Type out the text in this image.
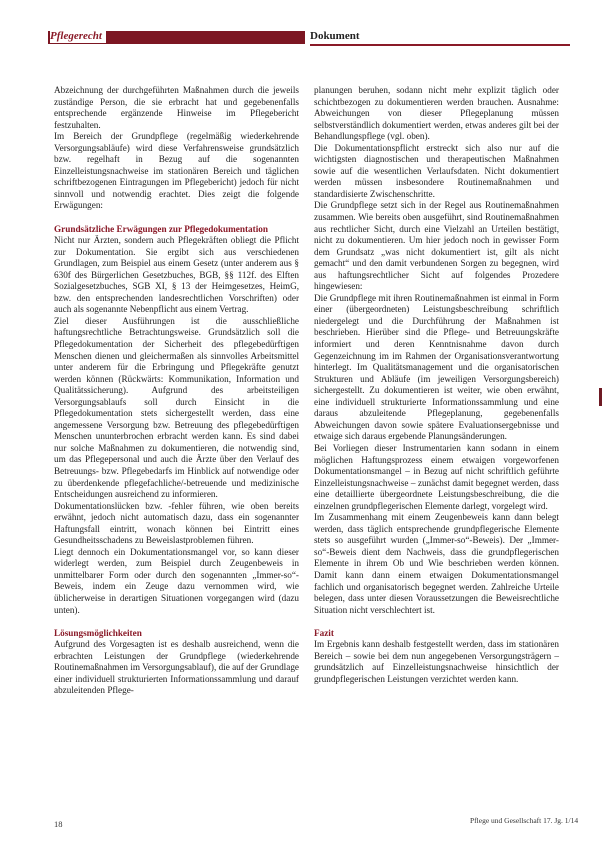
Pflegerecht	Dokument

Abzeichnung der durchgeführten Maßnahmen durch die jeweils zuständige Person, die sie erbracht hat und gegebenenfalls entsprechende ergänzende Hinweise im Pflegebericht festzuhalten.

Im Bereich der Grundpflege (regelmäßig wiederkehrende Versorgungsabläufe) wird diese Verfahrensweise grundsätzlich bzw. regelhaft in Bezug auf die sogenannten Einzelleistungsnachweise im stationären Bereich und täglichen schriftbezogenen Eintragungen im Pflegebericht) jedoch für nicht sinnvoll und notwendig erachtet. Dies zeigt die folgende Erwägungen:

Grundsätzliche Erwägungen zur Pflegedokumentation

Nicht nur Ärzten, sondern auch Pflegekräften obliegt die Pflicht zur Dokumentation. Sie ergibt sich aus verschiedenen Grundlagen, zum Beispiel aus einem Gesetz (unter anderem aus § 630f des Bürgerlichen Gesetzbuches, BGB, §§ 112f. des Elften Sozialgesetzbuches, SGB XI, § 13 der Heimgesetzes, HeimG, bzw. den entsprechenden landesrechtlichen Vorschriften) oder auch als sogenannte Nebenpflicht aus einem Vertrag.

Ziel dieser Ausführungen ist die ausschließliche haftungsrechtliche Betrachtungsweise. Grundsätzlich soll die Pflegedokumentation der Sicherheit des pflegebedürftigen Menschen dienen und gleichermaßen als sinnvolles Arbeitsmittel unter anderem für die Erbringung und Pflegekräfte genutzt werden können (Rückwärts: Kommunikation, Information und Qualitätssicherung). Aufgrund des arbeitsteiligen Versorgungsablaufs soll durch Einsicht in die Pflegedokumentation stets sichergestellt werden, dass eine angemessene Versorgung bzw. Betreuung des pflegebedürftigen Menschen ununterbrochen erbracht werden kann. Es sind dabei nur solche Maßnahmen zu dokumentieren, die notwendig sind, um das Pflegepersonal und auch die Ärzte über den Verlauf des Betreuungs- bzw. Pflegebedarfs im Hinblick auf notwendige oder zu überdenkende pflegefachliche/-betreuende und medizinische Entscheidungen ausreichend zu informieren.

Dokumentationslücken bzw. -fehler führen, wie oben bereits erwähnt, jedoch nicht automatisch dazu, dass ein sogenannter Haftungsfall eintritt, wonach können bei Eintritt eines Gesundheitsschadens zu Beweislastproblemen führen.

Liegt dennoch ein Dokumentationsmangel vor, so kann dieser widerlegt werden, zum Beispiel durch Zeugenbeweis in unmittelbarer Form oder durch den sogenannten „Immer-so“-Beweis, indem ein Zeuge dazu vernommen wird, wie üblicherweise in derartigen Situationen vorgegangen wird (dazu unten).

Lösungsmöglichkeiten

Aufgrund des Vorgesagten ist es deshalb ausreichend, wenn die erbrachten Leistungen der Grundpflege (wiederkehrende Routinemaßnahmen im Versorgungsablauf), die auf der Grundlage einer individuell strukturierten Informationssammlung und darauf abzuleitenden Pflege-

planungen beruhen, sodann nicht mehr explizit täglich oder schichtbezogen zu dokumentieren werden brauchen. Ausnahme: Abweichungen von dieser Pflegeplanung müssen selbstverständlich dokumentiert werden, etwas anderes gilt bei der Behandlungspflege (vgl. oben).

Die Dokumentationspflicht erstreckt sich also nur auf die wichtigsten diagnostischen und therapeutischen Maßnahmen sowie auf die wesentlichen Verlaufsdaten. Nicht dokumentiert werden müssen insbesondere Routinemaßnahmen und standardisierte Zwischenschritte.

Die Grundpflege setzt sich in der Regel aus Routinemaßnahmen zusammen. Wie bereits oben ausgeführt, sind Routinemaßnahmen aus rechtlicher Sicht, durch eine Vielzahl an Urteilen bestätigt, nicht zu dokumentieren. Um hier jedoch noch in gewisser Form dem Grundsatz „was nicht dokumentiert ist, gilt als nicht gemacht“ und den damit verbundenen Sorgen zu begegnen, wird aus haftungsrechtlicher Sicht auf folgendes Prozedere hingewiesen:

Die Grundpflege mit ihren Routinemaßnahmen ist einmal in Form einer (übergeordneten) Leistungsbeschreibung schriftlich niedergelegt und die Durchführung der Maßnahmen ist beschrieben. Hierüber sind die Pflege- und Betreuungskräfte informiert und deren Kenntnisnahme davon durch Gegenzeichnung im im Rahmen der Organisationsverantwortung hinterlegt. Im Qualitätsmanagement und die organisatorischen Strukturen und Abläufe (im jeweiligen Versorgungsbereich) sichergestellt. Zu dokumentieren ist weiter, wie oben erwähnt, eine individuell strukturierte Informationssammlung und eine daraus abzuleitende Pflegeplanung, gegebenenfalls Abweichungen davon sowie spätere Evaluationsergebnisse und etwaige sich daraus ergebende Planungsänderungen.

Bei Vorliegen dieser Instrumentarien kann sodann in einem möglichen Haftungsprozess einem etwaigen vorgeworfenen Dokumentationsmangel – in Bezug auf nicht schriftlich geführte Einzelleistungsnachweise – zunächst damit begegnet werden, dass eine detaillierte übergeordnete Leistungsbeschreibung, die die einzelnen grundpflegerischen Elemente darlegt, vorgelegt wird.

Im Zusammenhang mit einem Zeugenbeweis kann dann belegt werden, dass täglich entsprechende grundpflegerische Elemente stets so ausgeführt wurden („Immer-so“-Beweis). Der „Immer-so“-Beweis dient dem Nachweis, dass die grundpflegerischen Elemente in ihrem Ob und Wie beschrieben werden können. Damit kann dann einem etwaigen Dokumentationsmangel fachlich und organisatorisch begegnet werden. Zahlreiche Urteile belegen, dass unter diesen Voraussetzungen die Beweisrechtliche Situation nicht verschlechtert ist.

Fazit

Im Ergebnis kann deshalb festgestellt werden, dass im stationären Bereich – sowie bei dem nun angegebenen Versorgungsträgern – grundsätzlich auf Einzelleistungsnachweise hinsichtlich der grundpflegerischen Leistungen verzichtet werden kann.

18	Pflege und Gesellschaft 17. Jg. 1/14
